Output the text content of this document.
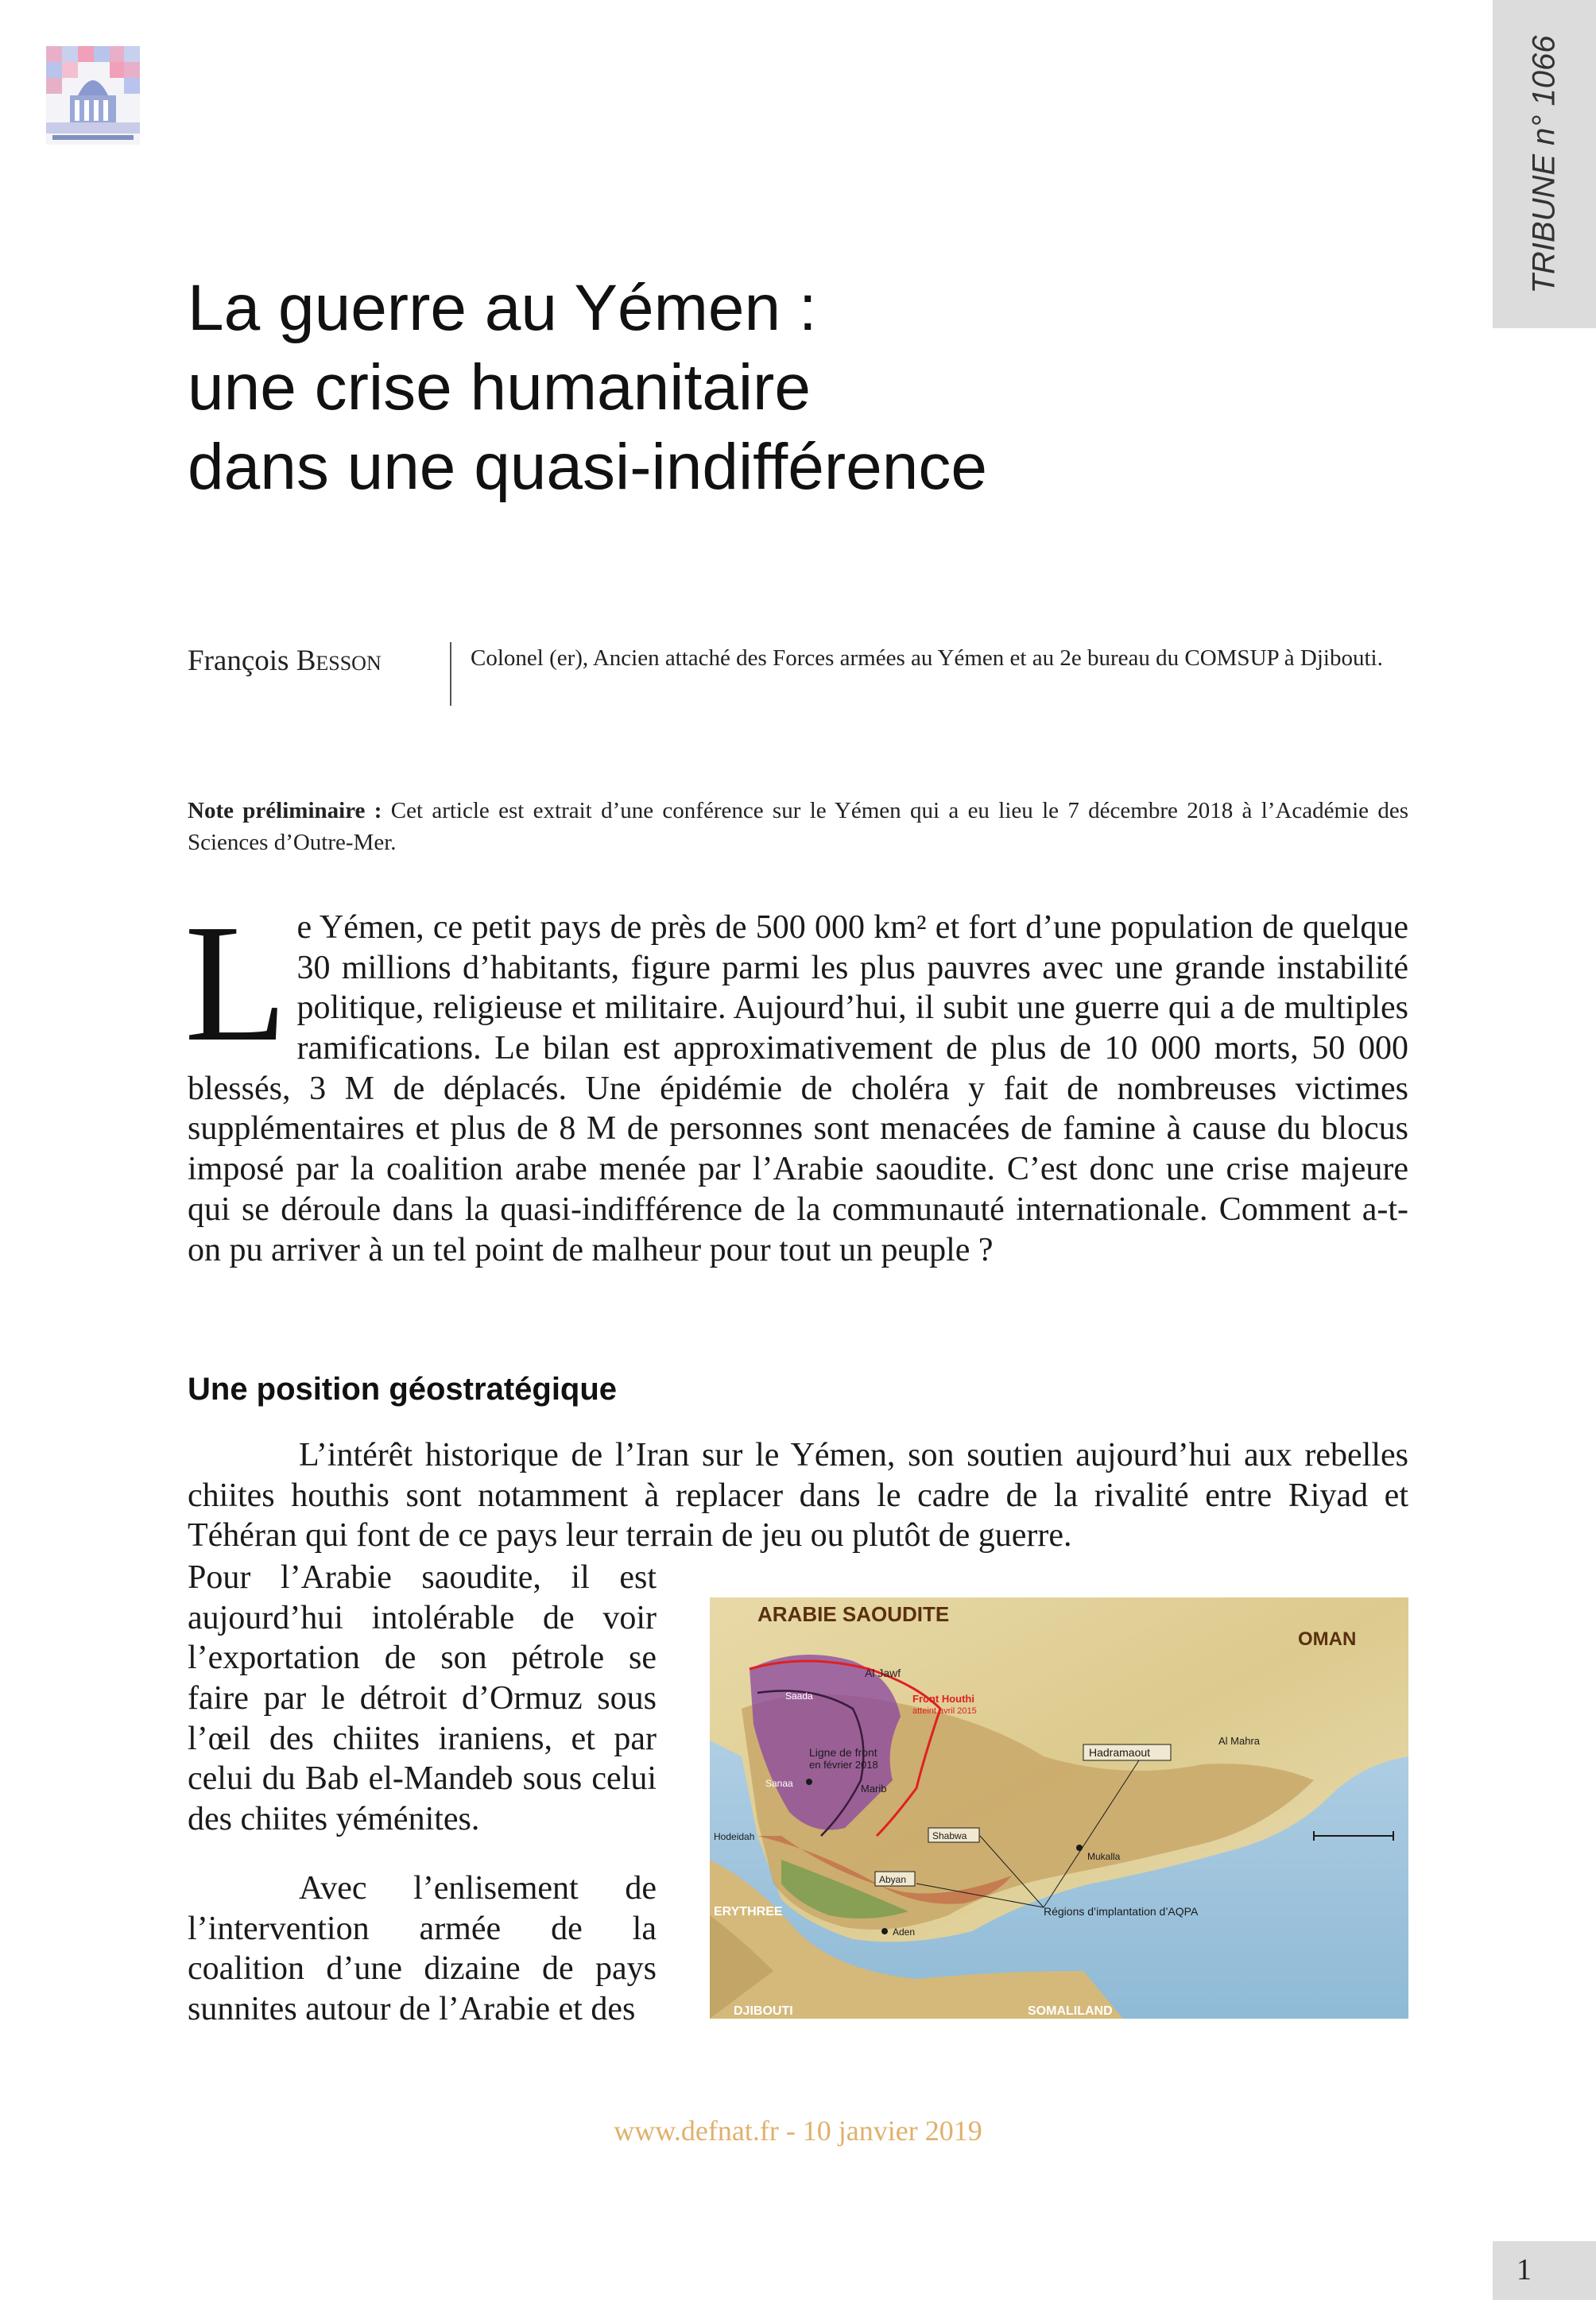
TRIBUNE n° 1066
La guerre au Yémen :
une crise humanitaire
dans une quasi-indifférence
François Besson	Colonel (er), Ancien attaché des Forces armées au Yémen et au 2e bureau du COMSUP à Djibouti.
Note préliminaire : Cet article est extrait d’une conférence sur le Yémen qui a eu lieu le 7 décembre 2018 à l’Académie des Sciences d’Outre-Mer.

Le Yémen, ce petit pays de près de 500 000 km² et fort d’une population de quelque 30 millions d’habitants, figure parmi les plus pauvres avec une grande instabilité politique, religieuse et militaire. Aujourd’hui, il subit une guerre qui a de multiples ramifications. Le bilan est approximativement de plus de 10 000 morts, 50 000 blessés, 3 M de déplacés. Une épidémie de choléra y fait de nombreuses victimes supplémentaires et plus de 8 M de personnes sont menacées de famine à cause du blocus imposé par la coalition arabe menée par l’Arabie saoudite. C’est donc une crise majeure qui se déroule dans la quasi-indifférence de la communauté internationale. Comment a-t-on pu arriver à un tel point de malheur pour tout un peuple ?

Une position géostratégique

L’intérêt historique de l’Iran sur le Yémen, son soutien aujourd’hui aux rebelles chiites houthis sont notamment à replacer dans le cadre de la rivalité entre Riyad et Téhéran qui font de ce pays leur terrain de jeu ou plutôt de guerre.

Pour l’Arabie saoudite, il est aujourd’hui intolérable de voir l’exportation de son pétrole se faire par le détroit d’Ormuz sous l’œil des chiites iraniens, et par celui du Bab el-Mandeb sous celui des chiites yéménites.

Avec l’enlisement de l’intervention armée de la coalition d’une dizaine de pays sunnites autour de l’Arabie et des

ARABIE SAOUDITE
OMAN
Saada
Al Jawf
Front Houthi
atteint avril 2015
Ligne de front
en février 2018
Marib
Sanaa
Hadramaout
Al Mahra
Hodeidah	Shabwa
Mukalla
Abyan
Aden
Régions d’implantation d’AQPA
ERYTHREE
DJIBOUTI	SOMALILAND
www.defnat.fr - 10 janvier 2019
1
